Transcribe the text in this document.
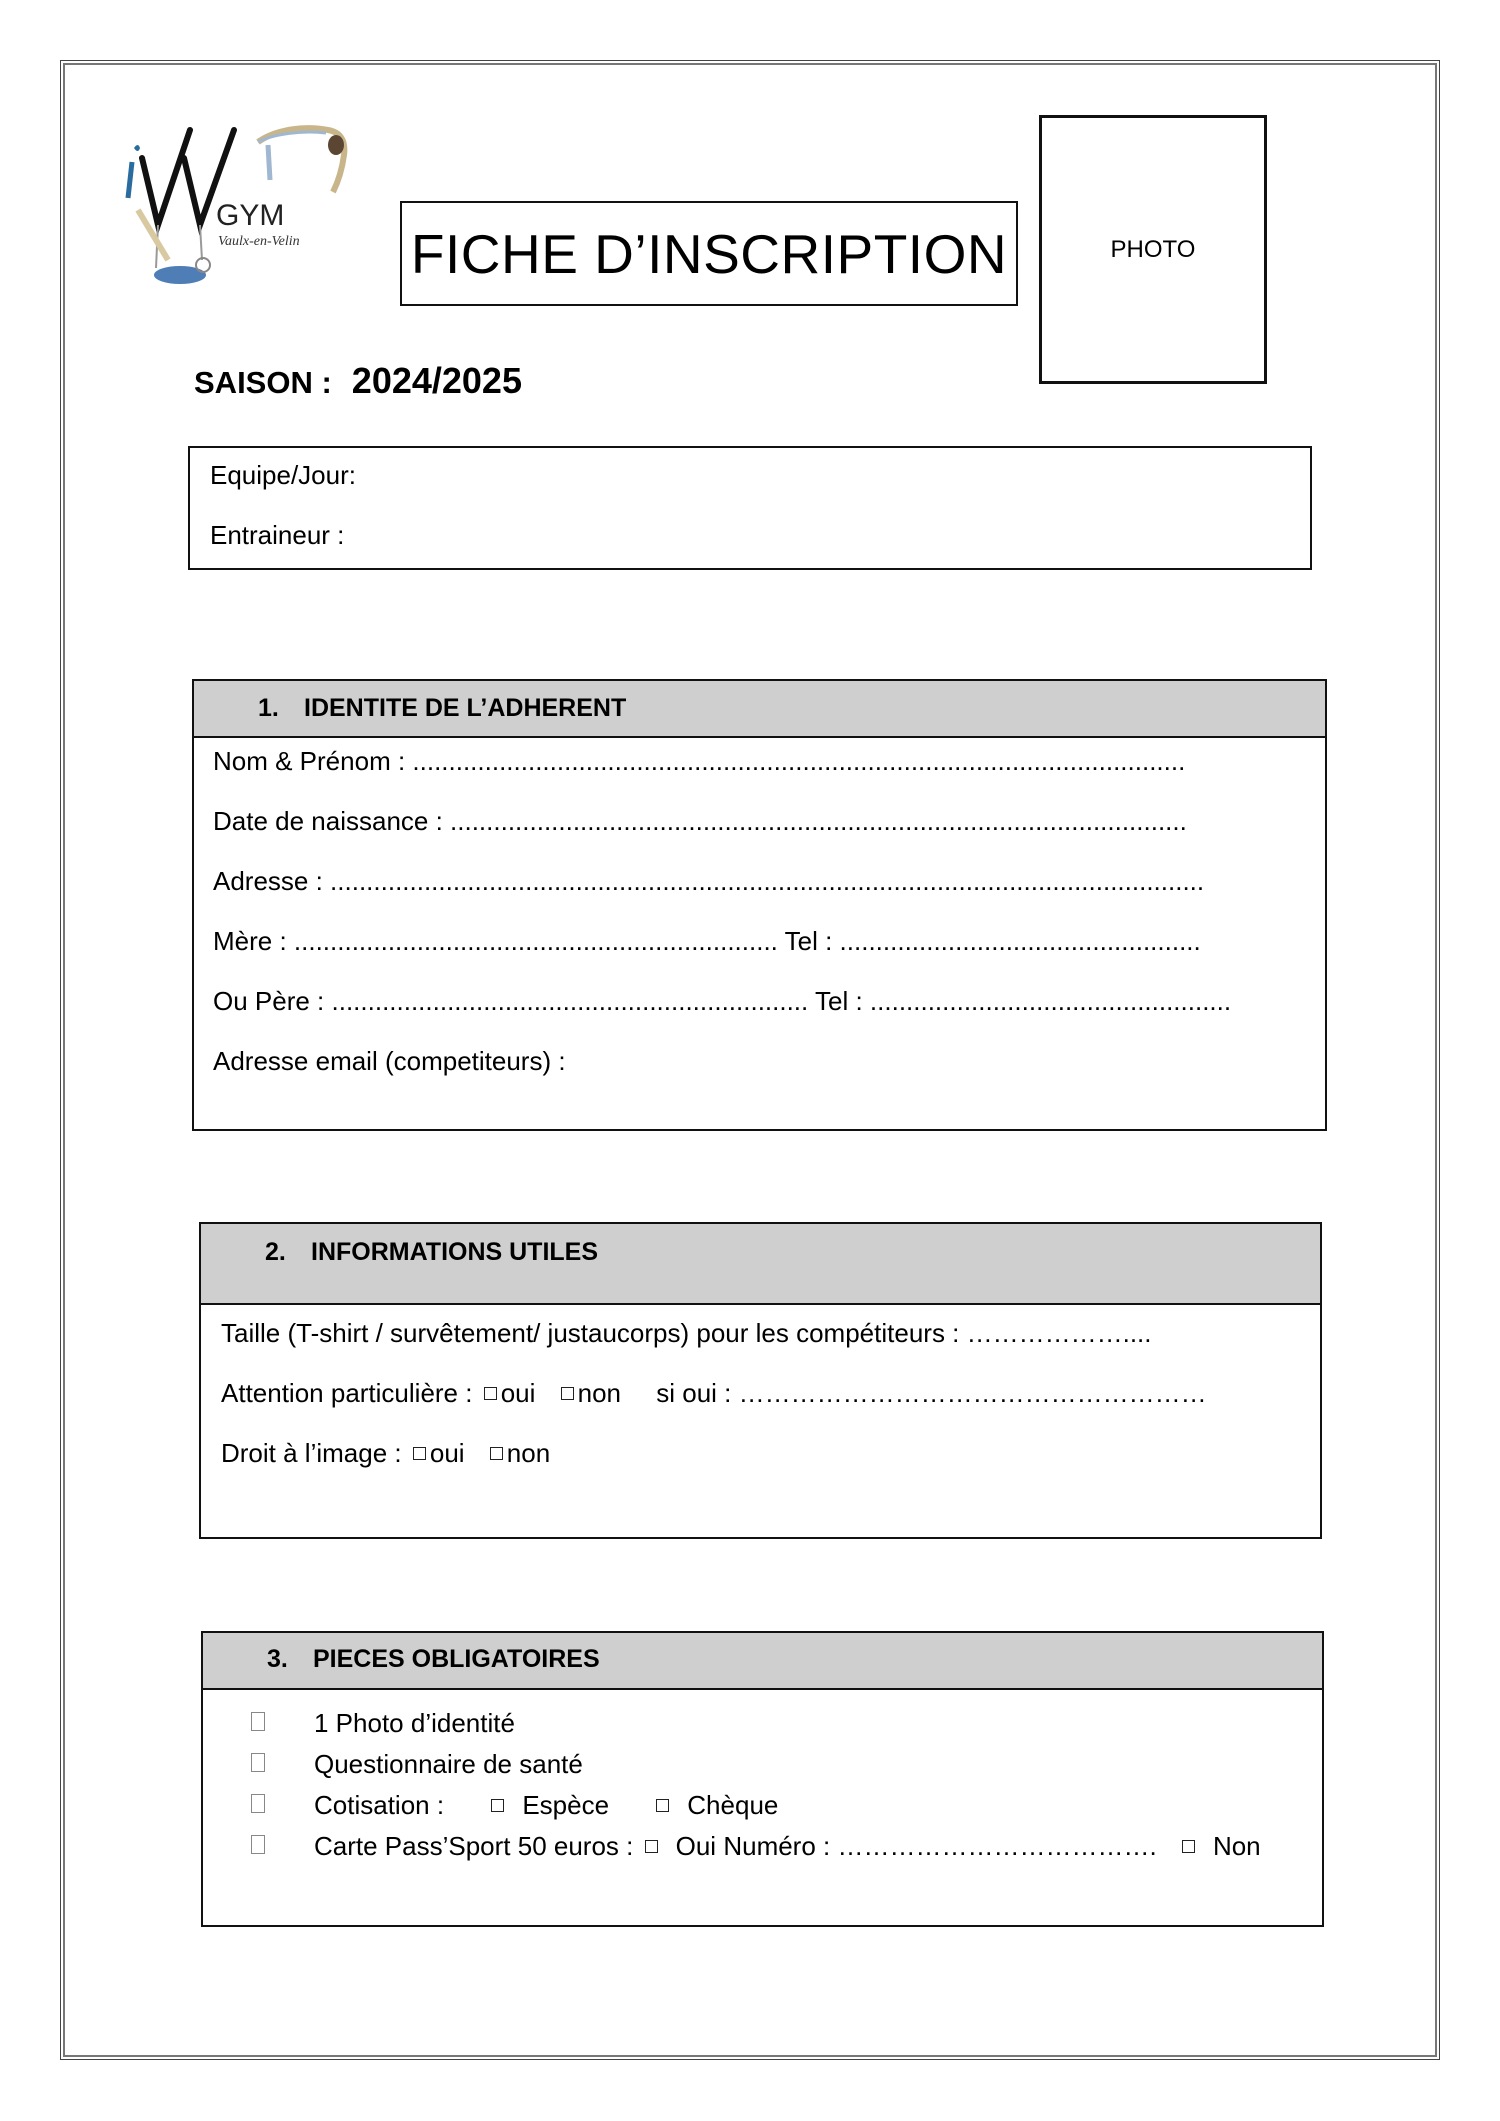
GYM
Vaulx-en-Velin FICHE D’INSCRIPTION	PHOTO
SAISON : 2024/2025
Equipe/Jour:
Entraineur :
1. IDENTITE DE L’ADHERENT
Nom & Prénom : ...........................................................................................................
Date de naissance : ......................................................................................................
Adresse : .........................................................................................................................
Mère : ................................................................... Tel : ..................................................
Ou Père : .................................................................. Tel : ..................................................
Adresse email (competiteurs) :
2. INFORMATIONS UTILES
Taille (T-shirt / survêtement/ justaucorps) pour les compétiteurs : ………………....
Attention particulière : oui non si oui : ………………………………………………
Droit à l’image : oui non
3. PIECES OBLIGATOIRES
1 Photo d’identité
Questionnaire de santé
Cotisation :	Espèce	Chèque
Carte Pass’Sport 50 euros : Oui Numéro : ………………………………. Non
